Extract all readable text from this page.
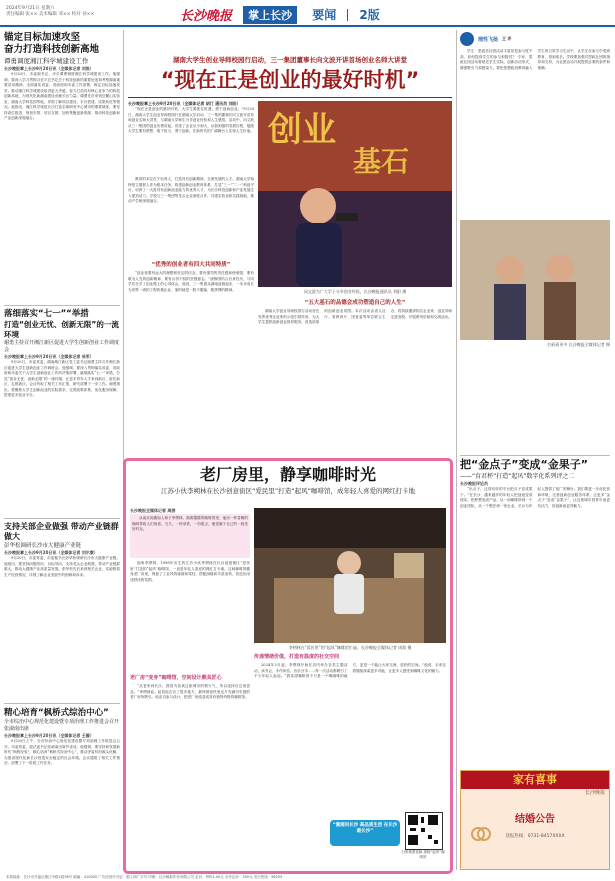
2024年9月21日 星期六
责任编辑 张×× 美术编辑 邓×× 校对 孙××	长沙晚报 掌上长沙 要闻 2版
锚定目标加速攻坚
奋力打造科技创新高地
谭勇调度湘江科学城建设工作
长沙晚报掌上长沙9月20日讯（全媒体记者 刘俊）

9月20日，市委副书记、市长谭勇调度湘江科学城建设工作。他强调，要深入学习贯彻习近平总书记关于科技创新的重要论述和考察湖南重要讲话精神，全面落实省委、省政府和市委工作部署，锚定目标加速攻坚，推动湘江科学城建设取得更大突破，奋力打造具有核心竞争力的科技创新高地，为现代化新湖南建设贡献长沙力量。谭勇先后来到岳麓山实验室、湖南大学科技园等地，详细了解项目建设、平台搭建、成果转化等情况。他指出，湘江科学城是长沙打造全球研发中心城市的重要载体，要坚持高位推进、规划引领、项目支撑，加快集聚创新资源，推动科技创新和产业创新深度融合。

落细落实“七一”“举措
打造“创业无忧、创新无限”的一流环境
谢勇主持召开湘江新区促进大学生创新创业工作调度会
长沙晚报掌上长沙9月20日讯（全媒体记者 吴军）

9月20日，市委常委、湖南湘江新区党工委书记谢勇主持召开湘江新区促进大学生创新创业工作调度会。他强调，要深入贯彻落实省委、省政府和市委关于大学生创新创业工作的决策部署，落细落实“七一”举措，打造“创业无忧、创新无限”的一流环境，让更多青年人才来到新区、留在新区、扎根新区。会议听取了相关工作汇报，研究部署下一步工作。谢勇指出，要聚焦大学生创新创业的实际需求，完善政策体系，优化服务保障，搭建更多创业平台。

支持关部企业做强 带动产业链群做大
彭华松调研长沙市大健康产业链
长沙晚报掌上长沙9月20日讯（全媒体记者 刘尔康）

9月20日，市委常委、市委秘书长彭华松调研长沙市大健康产业链。他指出，要坚持问题导向、目标导向，支持龙头企业做强，带动产业链群做大，推动大健康产业高质量发展。彭华松先后来到相关企业，实地察看生产经营情况，详细了解企业发展中的困难和诉求。

精心培育“枫桥式综治中心”
全市综治中心规范化建设暨专项治理工作推进会召开 张淑南出席
长沙晚报掌上长沙9月20日讯（全媒体记者 王璇）

9月20日上午，全市综治中心规范化建设暨专项治理工作推进会召开。市委常委、政法委书记张淑南出席并讲话。他强调，要坚持和发展新时代“枫桥经验”，精心培育“枫桥式综治中心”，推动矛盾纠纷源头化解，为建设现代化新长沙营造安全稳定的社会环境。会议通报了相关工作情况，部署了下一阶段工作任务。

湖南大学生创业导师校园行启动，三一集团董事长向文波开讲首场创业名师大讲堂
“现在正是创业的最好时机”
长沙晚报掌上长沙9月20日讯（全媒体记者 胡汀 通讯员 刘阳）

“现在正是创业的最好时机，大学生要抓住机遇，勇于创新创业。”9月20日，湖南大学生创业导师校园行在湖南大学启动，三一集团董事长向文波开讲首场创业名师大讲堂，与湖南大学师生分享创业经验和人生感悟。活动中，向文波从三一集团的创业历程讲起，讲述了企业从小到大、从弱到强的发展历程，勉励大学生要有梦想、敢于担当、勇于创新，在新时代的广阔舞台上实现人生价值。

教育的本位在于培养人，打造具有创新精神、全面发展的人才。湖南大学始终把立德树人作为根本任务，构建创新创业教育体系，打造“三一”“二一”科创平台，培养了一大批具有创新创业能力的优秀人才，为长沙科技创新和产业发展注入强劲动力。学校与三一集团等龙头企业深度合作，共建实验室和实践基地，推动产学研深度融合。

“优秀的创业者有四大共同特质”

“创业者要有远大的理想和坚定的信念，要有强烈的责任感和使命感，要有敢为人先的创新精神，要有百折不挠的坚强意志。”唐修国结合自身经历，与同学们分享了创业路上的心得体会。他说，三一集团从湖南涟源起步，一步步成长为世界一流的工程机械企业，靠的就是一股不服输、敢拼搏的精神。

创业
基石
向文波为广大学子分享创业经验。长沙晚报通讯员 刘阳 摄
“五大基石的品德会成功塑造自己的人生”

湖南大学创业导师校园行活动旨在发挥优秀企业家的示范引领作用，为大学生提供创新创业指导服务，营造浓厚的创新创业氛围。本次活动由省人社厅、省教育厅、团省委等单位联合主办，将持续邀请知名企业家、创业导师走进高校，开展系列讲座和交流活动。

老厂房里，静享咖啡时光
江苏小伙李朔林在长沙创意街区“爱民里”打造“起风”咖啡馆，成年轻人喜爱的网红打卡地
长沙晚报全媒体记者 周游

从南京到湖南人林子李朔林，熙熙攘攘的咖啡馆里，他用一杯香醇的咖啡带给人们惊喜。当天，一杯拿铁，一份甜点，便是属于自己的一段美好时光。

他叫李朔林，1998年出生的江苏小伙李朔林在长沙创意街区“爱民里”打造的“起风”咖啡馆，一直是年轻人喜爱的网红打卡地。这间咖啡馆藏身老厂房里，保留了工业风的墙面和梁柱，搭配绿植和木质桌椅，营造出闲适舒适的氛围。

老厂房“变身”咖啡馆，空间设计颇具匠心

“从老家到长沙，我因为喜欢这座城市的烟火气，所以选择在这里创业。”李朔林说。起初他走访了很多地方，最终被爱民里这片充满历史感的老厂房所吸引。他亲自参与设计，把老厂房改造成具有独特风格的咖啡馆。

李朔林在“爱民里”的“起风”咖啡馆忙碌。长沙晚报全媒体记者 周游 摄
传递情绪价值，打造有温度的社交空间

2024年3月起，李朔林开始在店内举办各类主题活动，读书会、手作体验、音乐分享……每一次活动都吸引了不少年轻人参加。“我希望咖啡馆不只是一个喝咖啡的地方，更是一个能让大家交流、放松的空间。”他说，未来还将继续探索更多可能，让更多人感受到咖啡文化的魅力。

“湘湘问长沙 高品质生活 在长沙 最长沙”
扫码观看视频 探秘“起风”咖啡馆
理性飞扬 王 评

学生：思政类社团活动丰富但是参与度不高，如何提高学生的参与积极性？ 专家：思政社团活动要贴近学生实际，创新活动形式，增强吸引力和感染力。要把思想政治教育融入学生的日常学习生活中，让学生在参与中受到教育、得到成长。学校要加强对思政社团的指导和支持，为社团活动开展提供必要的条件和保障。

扫码看更多 长沙晚报全媒体记者 摄
把“金点子”变成“金果子”
——“育君杯”打造“起风”数字化系列评之二
长沙晚报评论员

“出点子，还得有好的平台把点子变成果子。”在长沙，越来越多的年轻人把创意变成现实，把梦想变成产品。从一间咖啡馆到一个创业团队，从一个想法到一家企业，长沙为年轻人提供了宽广的舞台。我们要进一步优化营商环境，完善创新创业服务体系，让更多“金点子”变成“金果子”，让这座城市因青年而更有活力，因创新而更具魅力。

家有喜事
长沙晚报
结婚公告
登报热线：0731-8457XXXX
本报地址：长沙市开福区湘江中路2段36号 邮编：410005 广告经营许可证：湘工商广字号 印刷：长沙晚报印务有限公司 定价：每份1.00元 全年定价：300元 发行热线：96255
